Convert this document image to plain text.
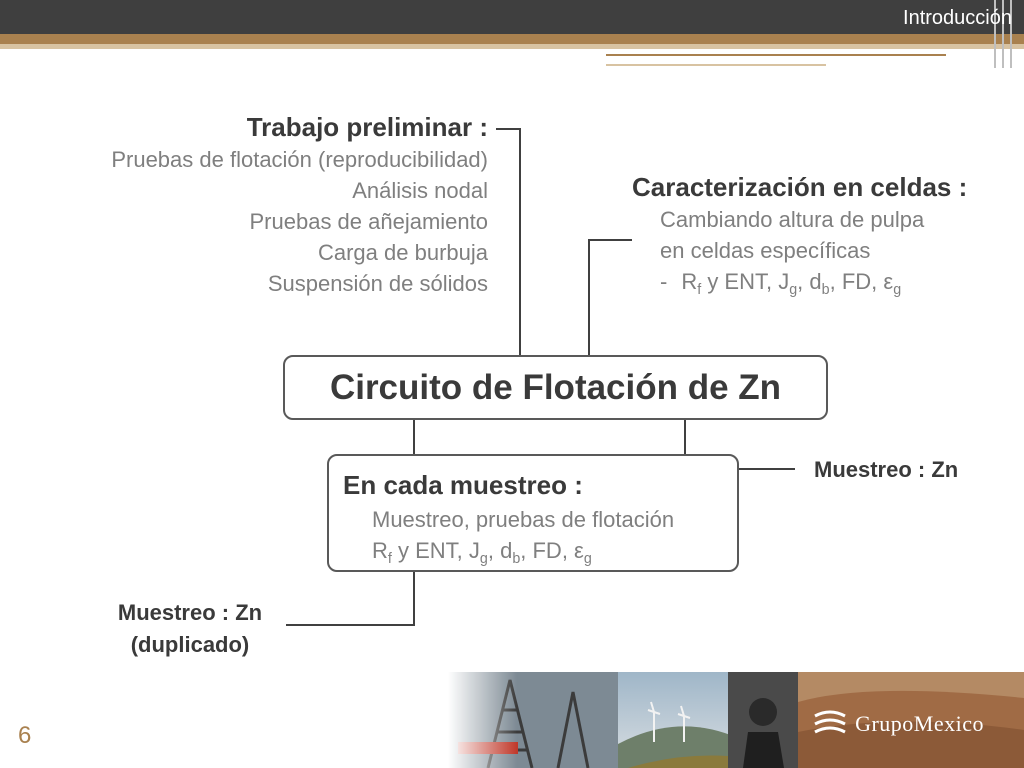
Introducción
Trabajo preliminar :
Pruebas de flotación (reproducibilidad)
Análisis nodal
Pruebas de añejamiento
Carga de burbuja
Suspensión de sólidos
Caracterización en celdas :
Cambiando altura de pulpa
en celdas específicas
- $R_f$ y ENT, $J_g$, $d_b$, FD, $\varepsilon_g$
Circuito de Flotación de Zn
En cada muestreo :
Muestreo, pruebas de flotación
$R_f$ y ENT, $J_g$, $d_b$, FD, $\varepsilon_g$
Muestreo : Zn
Muestreo : Zn
(duplicado)
6	GrupoMexico
